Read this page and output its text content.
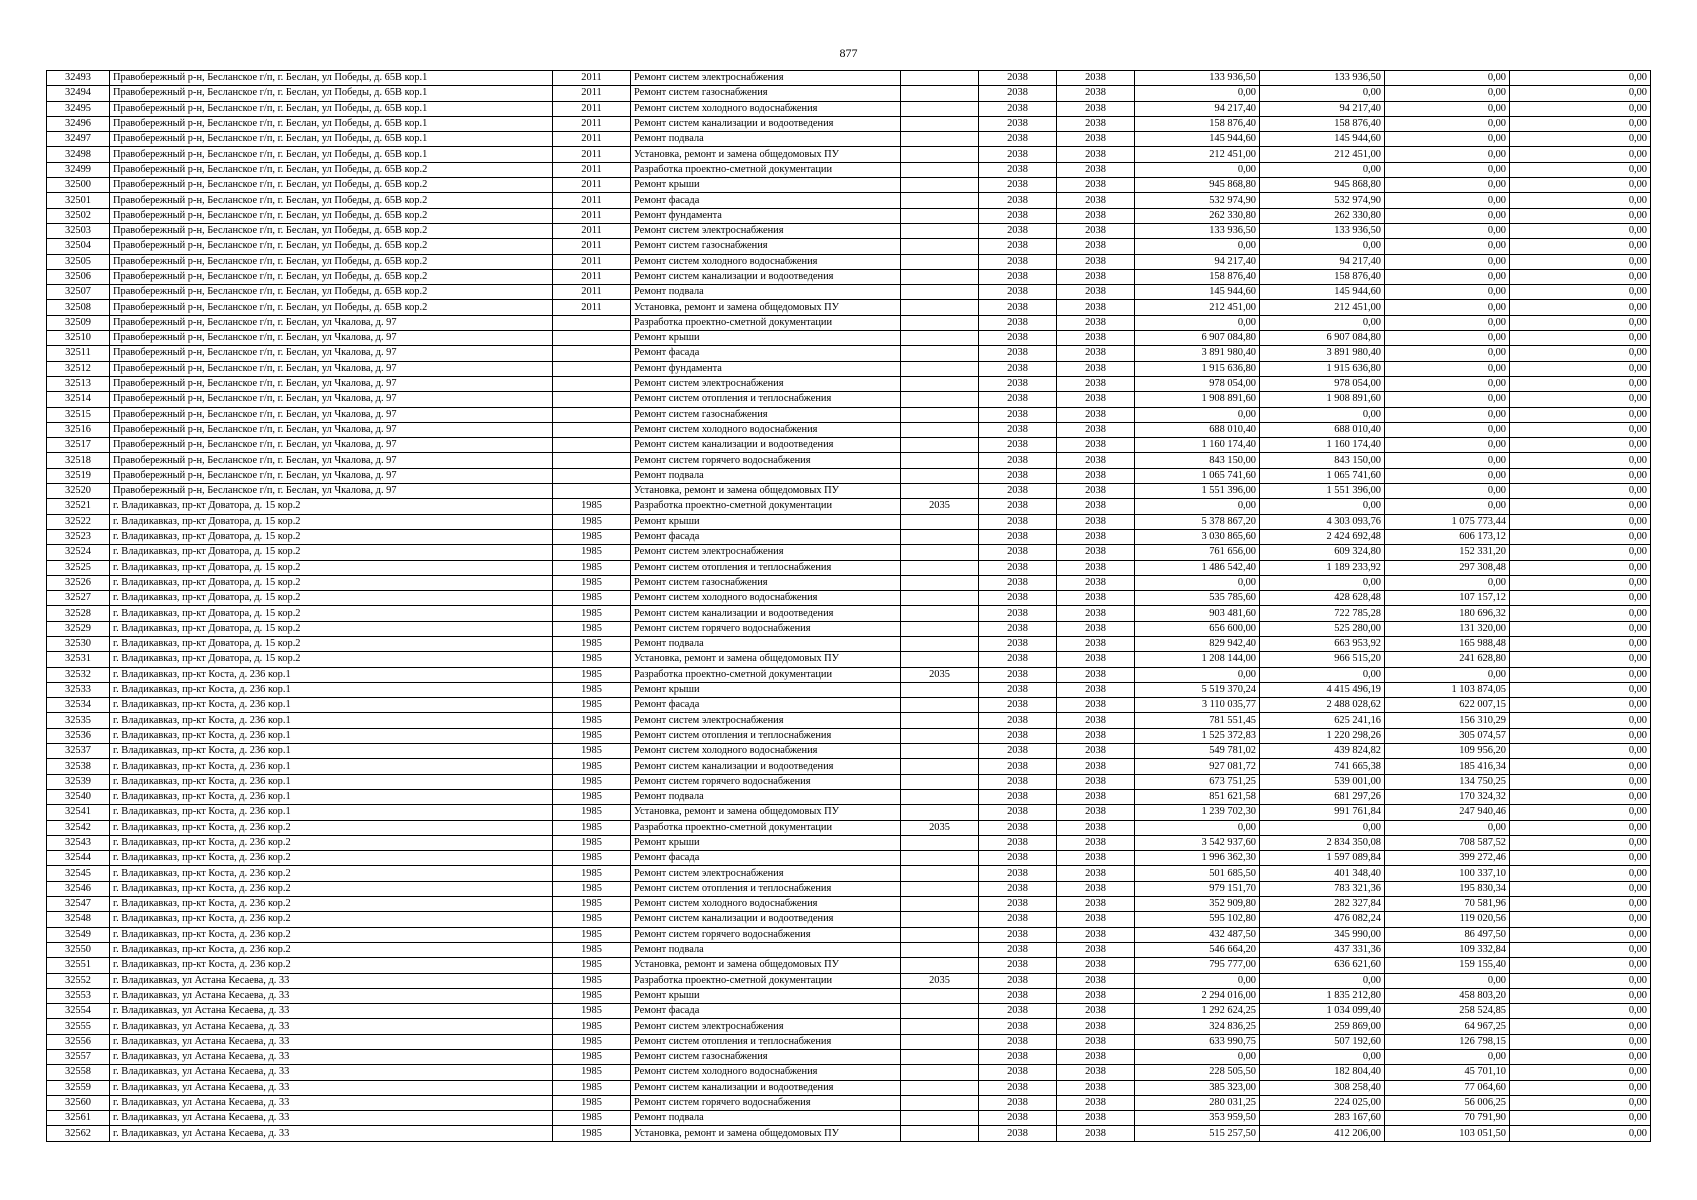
877
32493	Правобережный р-н, Бесланское г/п, г. Беслан, ул Победы, д. 65В кор.1	2011	Ремонт систем электроснабжения		2038	2038	133 936,50	133 936,50	0,00	0,00
32494	Правобережный р-н, Бесланское г/п, г. Беслан, ул Победы, д. 65В кор.1	2011	Ремонт систем газоснабжения		2038	2038	0,00	0,00	0,00	0,00
32495	Правобережный р-н, Бесланское г/п, г. Беслан, ул Победы, д. 65В кор.1	2011	Ремонт систем холодного водоснабжения		2038	2038	94 217,40	94 217,40	0,00	0,00
32496	Правобережный р-н, Бесланское г/п, г. Беслан, ул Победы, д. 65В кор.1	2011	Ремонт систем канализации и водоотведения		2038	2038	158 876,40	158 876,40	0,00	0,00
32497	Правобережный р-н, Бесланское г/п, г. Беслан, ул Победы, д. 65В кор.1	2011	Ремонт подвала		2038	2038	145 944,60	145 944,60	0,00	0,00
32498	Правобережный р-н, Бесланское г/п, г. Беслан, ул Победы, д. 65В кор.1	2011	Установка, ремонт и замена общедомовых ПУ		2038	2038	212 451,00	212 451,00	0,00	0,00
32499	Правобережный р-н, Бесланское г/п, г. Беслан, ул Победы, д. 65В кор.2	2011	Разработка проектно-сметной документации		2038	2038	0,00	0,00	0,00	0,00
32500	Правобережный р-н, Бесланское г/п, г. Беслан, ул Победы, д. 65В кор.2	2011	Ремонт крыши		2038	2038	945 868,80	945 868,80	0,00	0,00
32501	Правобережный р-н, Бесланское г/п, г. Беслан, ул Победы, д. 65В кор.2	2011	Ремонт фасада		2038	2038	532 974,90	532 974,90	0,00	0,00
32502	Правобережный р-н, Бесланское г/п, г. Беслан, ул Победы, д. 65В кор.2	2011	Ремонт фундамента		2038	2038	262 330,80	262 330,80	0,00	0,00
32503	Правобережный р-н, Бесланское г/п, г. Беслан, ул Победы, д. 65В кор.2	2011	Ремонт систем электроснабжения		2038	2038	133 936,50	133 936,50	0,00	0,00
32504	Правобережный р-н, Бесланское г/п, г. Беслан, ул Победы, д. 65В кор.2	2011	Ремонт систем газоснабжения		2038	2038	0,00	0,00	0,00	0,00
32505	Правобережный р-н, Бесланское г/п, г. Беслан, ул Победы, д. 65В кор.2	2011	Ремонт систем холодного водоснабжения		2038	2038	94 217,40	94 217,40	0,00	0,00
32506	Правобережный р-н, Бесланское г/п, г. Беслан, ул Победы, д. 65В кор.2	2011	Ремонт систем канализации и водоотведения		2038	2038	158 876,40	158 876,40	0,00	0,00
32507	Правобережный р-н, Бесланское г/п, г. Беслан, ул Победы, д. 65В кор.2	2011	Ремонт подвала		2038	2038	145 944,60	145 944,60	0,00	0,00
32508	Правобережный р-н, Бесланское г/п, г. Беслан, ул Победы, д. 65В кор.2	2011	Установка, ремонт и замена общедомовых ПУ		2038	2038	212 451,00	212 451,00	0,00	0,00
32509	Правобережный р-н, Бесланское г/п, г. Беслан, ул Чкалова, д. 97		Разработка проектно-сметной документации		2038	2038	0,00	0,00	0,00	0,00
32510	Правобережный р-н, Бесланское г/п, г. Беслан, ул Чкалова, д. 97		Ремонт крыши		2038	2038	6 907 084,80	6 907 084,80	0,00	0,00
32511	Правобережный р-н, Бесланское г/п, г. Беслан, ул Чкалова, д. 97		Ремонт фасада		2038	2038	3 891 980,40	3 891 980,40	0,00	0,00
32512	Правобережный р-н, Бесланское г/п, г. Беслан, ул Чкалова, д. 97		Ремонт фундамента		2038	2038	1 915 636,80	1 915 636,80	0,00	0,00
32513	Правобережный р-н, Бесланское г/п, г. Беслан, ул Чкалова, д. 97		Ремонт систем электроснабжения		2038	2038	978 054,00	978 054,00	0,00	0,00
32514	Правобережный р-н, Бесланское г/п, г. Беслан, ул Чкалова, д. 97		Ремонт систем отопления и теплоснабжения		2038	2038	1 908 891,60	1 908 891,60	0,00	0,00
32515	Правобережный р-н, Бесланское г/п, г. Беслан, ул Чкалова, д. 97		Ремонт систем газоснабжения		2038	2038	0,00	0,00	0,00	0,00
32516	Правобережный р-н, Бесланское г/п, г. Беслан, ул Чкалова, д. 97		Ремонт систем холодного водоснабжения		2038	2038	688 010,40	688 010,40	0,00	0,00
32517	Правобережный р-н, Бесланское г/п, г. Беслан, ул Чкалова, д. 97		Ремонт систем канализации и водоотведения		2038	2038	1 160 174,40	1 160 174,40	0,00	0,00
32518	Правобережный р-н, Бесланское г/п, г. Беслан, ул Чкалова, д. 97		Ремонт систем горячего водоснабжения		2038	2038	843 150,00	843 150,00	0,00	0,00
32519	Правобережный р-н, Бесланское г/п, г. Беслан, ул Чкалова, д. 97		Ремонт подвала		2038	2038	1 065 741,60	1 065 741,60	0,00	0,00
32520	Правобережный р-н, Бесланское г/п, г. Беслан, ул Чкалова, д. 97		Установка, ремонт и замена общедомовых ПУ		2038	2038	1 551 396,00	1 551 396,00	0,00	0,00
32521	г. Владикавказ, пр-кт Доватора, д. 15 кор.2	1985	Разработка проектно-сметной документации	2035	2038	2038	0,00	0,00	0,00	0,00
32522	г. Владикавказ, пр-кт Доватора, д. 15 кор.2	1985	Ремонт крыши		2038	2038	5 378 867,20	4 303 093,76	1 075 773,44	0,00
32523	г. Владикавказ, пр-кт Доватора, д. 15 кор.2	1985	Ремонт фасада		2038	2038	3 030 865,60	2 424 692,48	606 173,12	0,00
32524	г. Владикавказ, пр-кт Доватора, д. 15 кор.2	1985	Ремонт систем электроснабжения		2038	2038	761 656,00	609 324,80	152 331,20	0,00
32525	г. Владикавказ, пр-кт Доватора, д. 15 кор.2	1985	Ремонт систем отопления и теплоснабжения		2038	2038	1 486 542,40	1 189 233,92	297 308,48	0,00
32526	г. Владикавказ, пр-кт Доватора, д. 15 кор.2	1985	Ремонт систем газоснабжения		2038	2038	0,00	0,00	0,00	0,00
32527	г. Владикавказ, пр-кт Доватора, д. 15 кор.2	1985	Ремонт систем холодного водоснабжения		2038	2038	535 785,60	428 628,48	107 157,12	0,00
32528	г. Владикавказ, пр-кт Доватора, д. 15 кор.2	1985	Ремонт систем канализации и водоотведения		2038	2038	903 481,60	722 785,28	180 696,32	0,00
32529	г. Владикавказ, пр-кт Доватора, д. 15 кор.2	1985	Ремонт систем горячего водоснабжения		2038	2038	656 600,00	525 280,00	131 320,00	0,00
32530	г. Владикавказ, пр-кт Доватора, д. 15 кор.2	1985	Ремонт подвала		2038	2038	829 942,40	663 953,92	165 988,48	0,00
32531	г. Владикавказ, пр-кт Доватора, д. 15 кор.2	1985	Установка, ремонт и замена общедомовых ПУ		2038	2038	1 208 144,00	966 515,20	241 628,80	0,00
32532	г. Владикавказ, пр-кт Коста, д. 236 кор.1	1985	Разработка проектно-сметной документации	2035	2038	2038	0,00	0,00	0,00	0,00
32533	г. Владикавказ, пр-кт Коста, д. 236 кор.1	1985	Ремонт крыши		2038	2038	5 519 370,24	4 415 496,19	1 103 874,05	0,00
32534	г. Владикавказ, пр-кт Коста, д. 236 кор.1	1985	Ремонт фасада		2038	2038	3 110 035,77	2 488 028,62	622 007,15	0,00
32535	г. Владикавказ, пр-кт Коста, д. 236 кор.1	1985	Ремонт систем электроснабжения		2038	2038	781 551,45	625 241,16	156 310,29	0,00
32536	г. Владикавказ, пр-кт Коста, д. 236 кор.1	1985	Ремонт систем отопления и теплоснабжения		2038	2038	1 525 372,83	1 220 298,26	305 074,57	0,00
32537	г. Владикавказ, пр-кт Коста, д. 236 кор.1	1985	Ремонт систем холодного водоснабжения		2038	2038	549 781,02	439 824,82	109 956,20	0,00
32538	г. Владикавказ, пр-кт Коста, д. 236 кор.1	1985	Ремонт систем канализации и водоотведения		2038	2038	927 081,72	741 665,38	185 416,34	0,00
32539	г. Владикавказ, пр-кт Коста, д. 236 кор.1	1985	Ремонт систем горячего водоснабжения		2038	2038	673 751,25	539 001,00	134 750,25	0,00
32540	г. Владикавказ, пр-кт Коста, д. 236 кор.1	1985	Ремонт подвала		2038	2038	851 621,58	681 297,26	170 324,32	0,00
32541	г. Владикавказ, пр-кт Коста, д. 236 кор.1	1985	Установка, ремонт и замена общедомовых ПУ		2038	2038	1 239 702,30	991 761,84	247 940,46	0,00
32542	г. Владикавказ, пр-кт Коста, д. 236 кор.2	1985	Разработка проектно-сметной документации	2035	2038	2038	0,00	0,00	0,00	0,00
32543	г. Владикавказ, пр-кт Коста, д. 236 кор.2	1985	Ремонт крыши		2038	2038	3 542 937,60	2 834 350,08	708 587,52	0,00
32544	г. Владикавказ, пр-кт Коста, д. 236 кор.2	1985	Ремонт фасада		2038	2038	1 996 362,30	1 597 089,84	399 272,46	0,00
32545	г. Владикавказ, пр-кт Коста, д. 236 кор.2	1985	Ремонт систем электроснабжения		2038	2038	501 685,50	401 348,40	100 337,10	0,00
32546	г. Владикавказ, пр-кт Коста, д. 236 кор.2	1985	Ремонт систем отопления и теплоснабжения		2038	2038	979 151,70	783 321,36	195 830,34	0,00
32547	г. Владикавказ, пр-кт Коста, д. 236 кор.2	1985	Ремонт систем холодного водоснабжения		2038	2038	352 909,80	282 327,84	70 581,96	0,00
32548	г. Владикавказ, пр-кт Коста, д. 236 кор.2	1985	Ремонт систем канализации и водоотведения		2038	2038	595 102,80	476 082,24	119 020,56	0,00
32549	г. Владикавказ, пр-кт Коста, д. 236 кор.2	1985	Ремонт систем горячего водоснабжения		2038	2038	432 487,50	345 990,00	86 497,50	0,00
32550	г. Владикавказ, пр-кт Коста, д. 236 кор.2	1985	Ремонт подвала		2038	2038	546 664,20	437 331,36	109 332,84	0,00
32551	г. Владикавказ, пр-кт Коста, д. 236 кор.2	1985	Установка, ремонт и замена общедомовых ПУ		2038	2038	795 777,00	636 621,60	159 155,40	0,00
32552	г. Владикавказ, ул Астана Кесаева, д. 33	1985	Разработка проектно-сметной документации	2035	2038	2038	0,00	0,00	0,00	0,00
32553	г. Владикавказ, ул Астана Кесаева, д. 33	1985	Ремонт крыши		2038	2038	2 294 016,00	1 835 212,80	458 803,20	0,00
32554	г. Владикавказ, ул Астана Кесаева, д. 33	1985	Ремонт фасада		2038	2038	1 292 624,25	1 034 099,40	258 524,85	0,00
32555	г. Владикавказ, ул Астана Кесаева, д. 33	1985	Ремонт систем электроснабжения		2038	2038	324 836,25	259 869,00	64 967,25	0,00
32556	г. Владикавказ, ул Астана Кесаева, д. 33	1985	Ремонт систем отопления и теплоснабжения		2038	2038	633 990,75	507 192,60	126 798,15	0,00
32557	г. Владикавказ, ул Астана Кесаева, д. 33	1985	Ремонт систем газоснабжения		2038	2038	0,00	0,00	0,00	0,00
32558	г. Владикавказ, ул Астана Кесаева, д. 33	1985	Ремонт систем холодного водоснабжения		2038	2038	228 505,50	182 804,40	45 701,10	0,00
32559	г. Владикавказ, ул Астана Кесаева, д. 33	1985	Ремонт систем канализации и водоотведения		2038	2038	385 323,00	308 258,40	77 064,60	0,00
32560	г. Владикавказ, ул Астана Кесаева, д. 33	1985	Ремонт систем горячего водоснабжения		2038	2038	280 031,25	224 025,00	56 006,25	0,00
32561	г. Владикавказ, ул Астана Кесаева, д. 33	1985	Ремонт подвала		2038	2038	353 959,50	283 167,60	70 791,90	0,00
32562	г. Владикавказ, ул Астана Кесаева, д. 33	1985	Установка, ремонт и замена общедомовых ПУ		2038	2038	515 257,50	412 206,00	103 051,50	0,00
